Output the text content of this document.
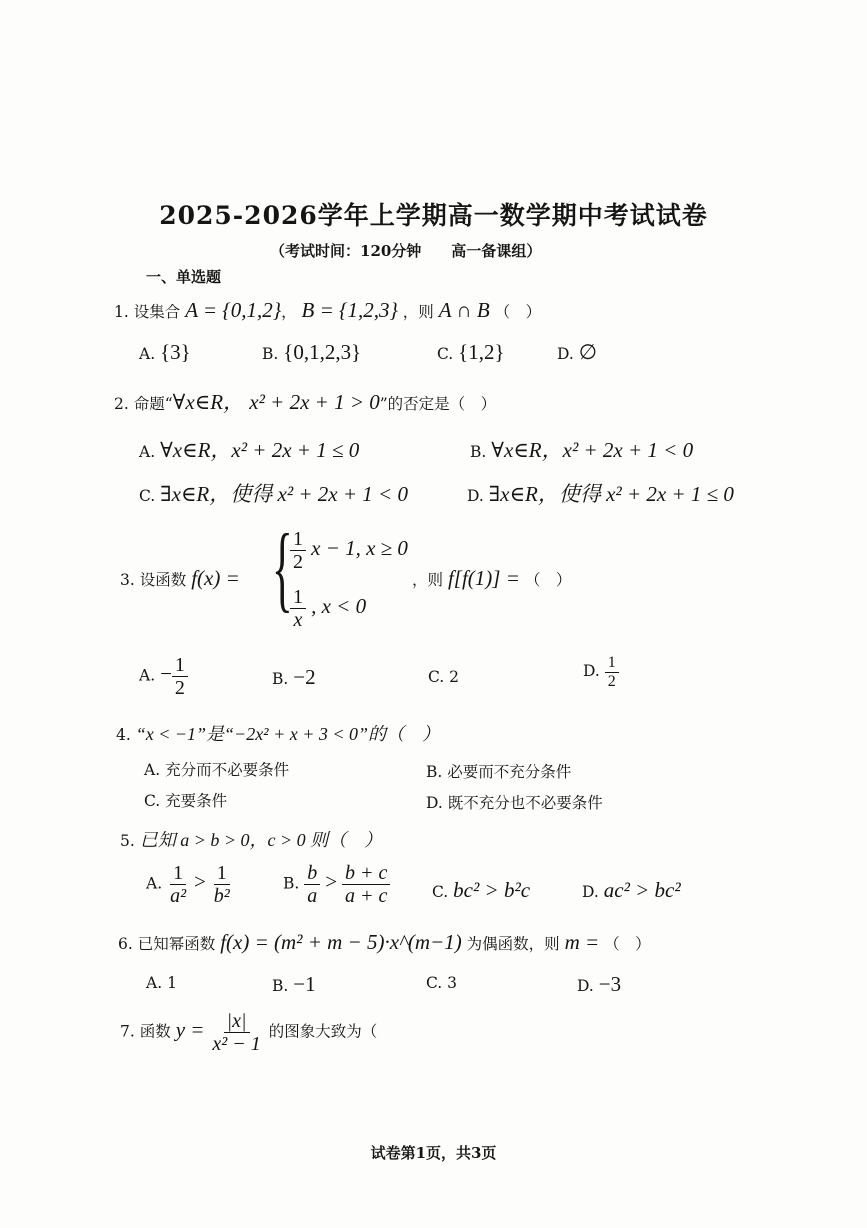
2025-2026学年上学期高一数学期中考试试卷
（考试时间：120分钟　　高一备课组）
一、单选题
1. 设集合 A = {0,1,2}， B = {1,2,3} ，则 A ∩ B （　）
A. {3}	B. {0,1,2,3}	C. {1,2}	D. ∅
2. 命题“∀x∈R， x² + 2x + 1 > 0”的否定是（　）
A. ∀x∈R，x² + 2x + 1 ≤ 0	B. ∀x∈R，x² + 2x + 1 < 0
C. ∃x∈R，使得 x² + 2x + 1 < 0	D. ∃x∈R，使得 x² + 2x + 1 ≤ 0
3. 设函数 f(x) = {
$\frac{1}{2}$ x − 1, x ≥ 0
$\frac{1}{x}$ , x < 0
，则 f[f(1)] = （　）
A. − $\frac{1}{2}$	B. −2	C. 2	D. $\frac{1}{2}$
4. “x < −1”是“−2x² + x + 3 < 0”的（　）
A. 充分而不必要条件	B. 必要而不充分条件
C. 充要条件	D. 既不充分也不必要条件
5. 已知 a > b > 0，c > 0 则（　）
A. $\frac{1}{\text{a²}} > \frac{1}{\text{b²}}$	B. $\frac{b}{a} > \frac{b + c}{a + c}$	C. bc² > b²c	D. ac² > bc²
6. 已知幂函数 f(x) = (m² + m − 5)·x^(m−1) 为偶函数，则 m = （　）
A. 1	B. −1	C. 3	D. −3
7. 函数 $y = \frac{|x|}{\text{x² − 1}}$ 的图象大致为（
试卷第1页，共3页
